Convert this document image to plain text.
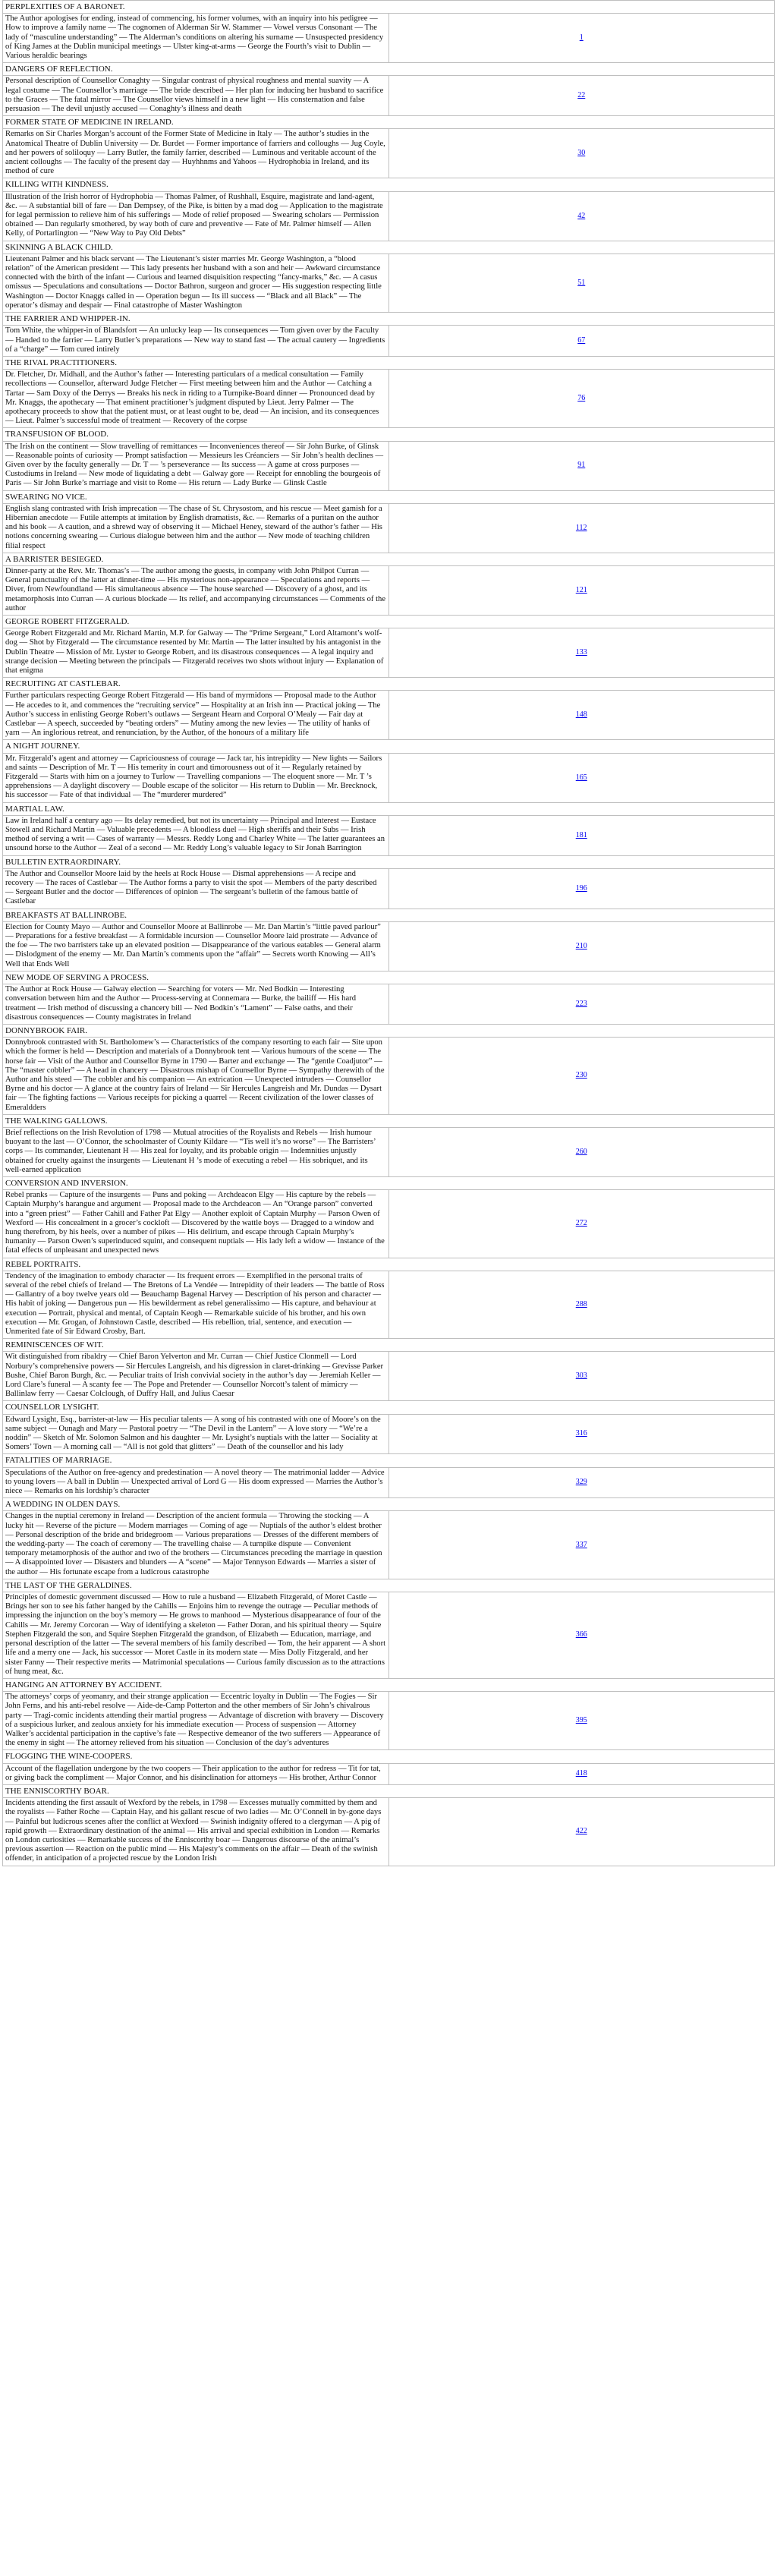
PERPLEXITIES OF A BARONET.	
The Author apologises for ending, instead of commencing, his former volumes, with an inquiry into his pedigree — How to improve a family name — The cognomen of Alderman Sir W. Stammer — Vowel versus Consonant — The lady of “masculine understanding” — The Alderman’s conditions on altering his surname — Unsuspected presidency of King James at the Dublin municipal meetings — Ulster king-at-arms — George the Fourth’s visit to Dublin — Various heraldic bearings	1
DANGERS OF REFLECTION.	
Personal description of Counsellor Conaghty — Singular contrast of physical roughness and mental suavity — A legal costume — The Counsellor’s marriage — The bride described — Her plan for inducing her husband to sacrifice to the Graces — The fatal mirror — The Counsellor views himself in a new light — His consternation and false persuasion — The devil unjustly accused — Conaghty’s illness and death	22
FORMER STATE OF MEDICINE IN IRELAND.	
Remarks on Sir Charles Morgan’s account of the Former State of Medicine in Italy — The author’s studies in the Anatomical Theatre of Dublin University — Dr. Burdet — Former importance of farriers and colloughs — Jug Coyle, and her powers of soliloquy — Larry Butler, the family farrier, described — Luminous and veritable account of the ancient colloughs — The faculty of the present day — Huyhhnms and Yahoos — Hydrophobia in Ireland, and its method of cure	30
KILLING WITH KINDNESS.	
Illustration of the Irish horror of Hydrophobia — Thomas Palmer, of Rushhall, Esquire, magistrate and land-agent, &c. — A substantial bill of fare — Dan Dempsey, of the Pike, is bitten by a mad dog — Application to the magistrate for legal permission to relieve him of his sufferings — Mode of relief proposed — Swearing scholars — Permission obtained — Dan regularly smothered, by way both of cure and preventive — Fate of Mr. Palmer himself — Allen Kelly, of Portarlington — “New Way to Pay Old Debts”	42
SKINNING A BLACK CHILD.	
Lieutenant Palmer and his black servant — The Lieutenant’s sister marries Mr. George Washington, a “blood relation” of the American president — This lady presents her husband with a son and heir — Awkward circumstance connected with the birth of the infant — Curious and learned disquisition respecting “fancy-marks,” &c. — A casus omissus — Speculations and consultations — Doctor Bathron, surgeon and grocer — His suggestion respecting little Washington — Doctor Knaggs called in — Operation begun — Its ill success — “Black and all Black” — The operator’s dismay and despair — Final catastrophe of Master Washington	51
THE FARRIER AND WHIPPER-IN.	
Tom White, the whipper-in of Blandsfort — An unlucky leap — Its consequences — Tom given over by the Faculty — Handed to the farrier — Larry Butler’s preparations — New way to stand fast — The actual cautery — Ingredients of a “charge” — Tom cured intirely	67
THE RIVAL PRACTITIONERS.	
Dr. Fletcher, Dr. Midhall, and the Author’s father — Interesting particulars of a medical consultation — Family recollections — Counsellor, afterward Judge Fletcher — First meeting between him and the Author — Catching a Tartar — Sam Doxy of the Derrys — Breaks his neck in riding to a Turnpike-Board dinner — Pronounced dead by Mr. Knaggs, the apothecary — That eminent practitioner’s judgment disputed by Lieut. Jerry Palmer — The apothecary proceeds to show that the patient must, or at least ought to be, dead — An incision, and its consequences — Lieut. Palmer’s successful mode of treatment — Recovery of the corpse	76
TRANSFUSION OF BLOOD.	
The Irish on the continent — Slow travelling of remittances — Inconveniences thereof — Sir John Burke, of Glinsk — Reasonable points of curiosity — Prompt satisfaction — Messieurs les Créanciers — Sir John’s health declines — Given over by the faculty generally — Dr. T — ’s perseverance — Its success — A game at cross purposes — Custodiums in Ireland — New mode of liquidating a debt — Galway gore — Receipt for ennobling the bourgeois of Paris — Sir John Burke’s marriage and visit to Rome — His return — Lady Burke — Glinsk Castle	91
SWEARING NO VICE.	
English slang contrasted with Irish imprecation — The chase of St. Chrysostom, and his rescue — Meet gamish for a Hibernian anecdote — Futile attempts at imitation by English dramatists, &c. — Remarks of a puritan on the author and his book — A caution, and a shrewd way of observing it — Michael Heney, steward of the author’s father — His notions concerning swearing — Curious dialogue between him and the author — New mode of teaching children filial respect	112
A BARRISTER BESIEGED.	
Dinner-party at the Rev. Mr. Thomas’s — The author among the guests, in company with John Philpot Curran — General punctuality of the latter at dinner-time — His mysterious non-appearance — Speculations and reports — Diver, from Newfoundland — His simultaneous absence — The house searched — Discovery of a ghost, and its metamorphosis into Curran — A curious blockade — Its relief, and accompanying circumstances — Comments of the author	121
GEORGE ROBERT FITZGERALD.	
George Robert Fitzgerald and Mr. Richard Martin, M.P. for Galway — The “Prime Sergeant,” Lord Altamont’s wolf-dog — Shot by Fitzgerald — The circumstance resented by Mr. Martin — The latter insulted by his antagonist in the Dublin Theatre — Mission of Mr. Lyster to George Robert, and its disastrous consequences — A legal inquiry and strange decision — Meeting between the principals — Fitzgerald receives two shots without injury — Explanation of that enigma	133
RECRUITING AT CASTLEBAR.	
Further particulars respecting George Robert Fitzgerald — His band of myrmidons — Proposal made to the Author — He accedes to it, and commences the “recruiting service” — Hospitality at an Irish inn — Practical joking — The Author’s success in enlisting George Robert’s outlaws — Sergeant Hearn and Corporal O’Mealy — Fair day at Castlebar — A speech, succeeded by “beating orders” — Mutiny among the new levies — The utility of hanks of yarn — An inglorious retreat, and renunciation, by the Author, of the honours of a military life	148
A NIGHT JOURNEY.	
Mr. Fitzgerald’s agent and attorney — Capriciousness of courage — Jack tar, his intrepidity — New lights — Sailors and saints — Description of Mr. T — His temerity in court and timorousness out of it — Regularly retained by Fitzgerald — Starts with him on a journey to Turlow — Travelling companions — The eloquent snore — Mr. T ’s apprehensions — A daylight discovery — Double escape of the solicitor — His return to Dublin — Mr. Brecknock, his successor — Fate of that individual — The “murderer murdered”	165
MARTIAL LAW.	
Law in Ireland half a century ago — Its delay remedied, but not its uncertainty — Principal and Interest — Eustace Stowell and Richard Martin — Valuable precedents — A bloodless duel — High sheriffs and their Subs — Irish method of serving a writ — Cases of warranty — Messrs. Reddy Long and Charley White — The latter guarantees an unsound horse to the Author — Zeal of a second — Mr. Reddy Long’s valuable legacy to Sir Jonah Barrington	181
BULLETIN EXTRAORDINARY.	
The Author and Counsellor Moore laid by the heels at Rock House — Dismal apprehensions — A recipe and recovery — The races of Castlebar — The Author forms a party to visit the spot — Members of the party described — Sergeant Butler and the doctor — Differences of opinion — The sergeant’s bulletin of the famous battle of Castlebar	196
BREAKFASTS AT BALLINROBE.	
Election for County Mayo — Author and Counsellor Moore at Ballinrobe — Mr. Dan Martin’s “little paved parlour” — Preparations for a festive breakfast — A formidable incursion — Counsellor Moore laid prostrate — Advance of the foe — The two barristers take up an elevated position — Disappearance of the various eatables — General alarm — Dislodgment of the enemy — Mr. Dan Martin’s comments upon the “affair” — Secrets worth Knowing — All’s Well that Ends Well	210
NEW MODE OF SERVING A PROCESS.	
The Author at Rock House — Galway election — Searching for voters — Mr. Ned Bodkin — Interesting conversation between him and the Author — Process-serving at Connemara — Burke, the bailiff — His hard treatment — Irish method of discussing a chancery bill — Ned Bodkin’s “Lament” — False oaths, and their disastrous consequences — County magistrates in Ireland	223
DONNYBROOK FAIR.	
Donnybrook contrasted with St. Bartholomew’s — Characteristics of the company resorting to each fair — Site upon which the former is held — Description and materials of a Donnybrook tent — Various humours of the scene — The horse fair — Visit of the Author and Counsellor Byrne in 1790 — Barter and exchange — The “gentle Coadjutor” — The “master cobbler” — A head in chancery — Disastrous mishap of Counsellor Byrne — Sympathy therewith of the Author and his steed — The cobbler and his companion — An extrication — Unexpected intruders — Counsellor Byrne and his doctor — A glance at the country fairs of Ireland — Sir Hercules Langreish and Mr. Dundas — Dysart fair — The fighting factions — Various receipts for picking a quarrel — Recent civilization of the lower classes of Emeraldders	230
THE WALKING GALLOWS.	
Brief reflections on the Irish Revolution of 1798 — Mutual atrocities of the Royalists and Rebels — Irish humour buoyant to the last — O’Connor, the schoolmaster of County Kildare — “Tis well it’s no worse” — The Barristers’ corps — Its commander, Lieutenant H — His zeal for loyalty, and its probable origin — Indemnities unjustly obtained for cruelty against the insurgents — Lieutenant H ’s mode of executing a rebel — His sobriquet, and its well-earned application	260
CONVERSION AND INVERSION.	
Rebel pranks — Capture of the insurgents — Puns and poking — Archdeacon Elgy — His capture by the rebels — Captain Murphy’s harangue and argument — Proposal made to the Archdeacon — An “Orange parson” converted into a “green priest” — Father Cahill and Father Pat Elgy — Another exploit of Captain Murphy — Parson Owen of Wexford — His concealment in a grocer’s cockloft — Discovered by the wattle boys — Dragged to a window and hung therefrom, by his heels, over a number of pikes — His delirium, and escape through Captain Murphy’s humanity — Parson Owen’s superinduced squint, and consequent nuptials — His lady left a widow — Instance of the fatal effects of unpleasant and unexpected news	272
REBEL PORTRAITS.	
Tendency of the imagination to embody character — Its frequent errors — Exemplified in the personal traits of several of the rebel chiefs of Ireland — The Bretons of La Vendée — Intrepidity of their leaders — The battle of Ross — Gallantry of a boy twelve years old — Beauchamp Bagenal Harvey — Description of his person and character — His habit of joking — Dangerous pun — His bewilderment as rebel generalissimo — His capture, and behaviour at execution — Portrait, physical and mental, of Captain Keogh — Remarkable suicide of his brother, and his own execution — Mr. Grogan, of Johnstown Castle, described — His rebellion, trial, sentence, and execution — Unmerited fate of Sir Edward Crosby, Bart.	288
REMINISCENCES OF WIT.	
Wit distinguished from ribaldry — Chief Baron Yelverton and Mr. Curran — Chief Justice Clonmell — Lord Norbury’s comprehensive powers — Sir Hercules Langreish, and his digression in claret-drinking — Grevisse Parker Bushe, Chief Baron Burgh, &c. — Peculiar traits of Irish convivial society in the author’s day — Jeremiah Keller — Lord Clare’s funeral — A scanty fee — The Pope and Pretender — Counsellor Norcott’s talent of mimicry — Ballinlaw ferry — Caesar Colclough, of Duffry Hall, and Julius Caesar	303
COUNSELLOR LYSIGHT.	
Edward Lysight, Esq., barrister-at-law — His peculiar talents — A song of his contrasted with one of Moore’s on the same subject — Ounagh and Mary — Pastoral poetry — “The Devil in the Lantern” — A love story — “We’re a noddin” — Sketch of Mr. Solomon Salmon and his daughter — Mr. Lysight’s nuptials with the latter — Sociality at Somers’ Town — A morning call — “All is not gold that glitters” — Death of the counsellor and his lady	316
FATALITIES OF MARRIAGE.	
Speculations of the Author on free-agency and predestination — A novel theory — The matrimonial ladder — Advice to young lovers — A ball in Dublin — Unexpected arrival of Lord G — His doom expressed — Marries the Author’s niece — Remarks on his lordship’s character	329
A WEDDING IN OLDEN DAYS.	
Changes in the nuptial ceremony in Ireland — Description of the ancient formula — Throwing the stocking — A lucky hit — Reverse of the picture — Modern marriages — Coming of age — Nuptials of the author’s eldest brother — Personal description of the bride and bridegroom — Various preparations — Dresses of the different members of the wedding-party — The coach of ceremony — The travelling chaise — A turnpike dispute — Convenient temporary metamorphosis of the author and two of the brothers — Circumstances preceding the marriage in question — A disappointed lover — Disasters and blunders — A “scene” — Major Tennyson Edwards — Marries a sister of the author — His fortunate escape from a ludicrous catastrophe	337
THE LAST OF THE GERALDINES.	
Principles of domestic government discussed — How to rule a husband — Elizabeth Fitzgerald, of Moret Castle — Brings her son to see his father hanged by the Cahills — Enjoins him to revenge the outrage — Peculiar methods of impressing the injunction on the boy’s memory — He grows to manhood — Mysterious disappearance of four of the Cahills — Mr. Jeremy Corcoran — Way of identifying a skeleton — Father Doran, and his spiritual theory — Squire Stephen Fitzgerald the son, and Squire Stephen Fitzgerald the grandson, of Elizabeth — Education, marriage, and personal description of the latter — The several members of his family described — Tom, the heir apparent — A short life and a merry one — Jack, his successor — Moret Castle in its modern state — Miss Dolly Fitzgerald, and her sister Fanny — Their respective merits — Matrimonial speculations — Curious family discussion as to the attractions of hung meat, &c.	366
HANGING AN ATTORNEY BY ACCIDENT.	
The attorneys’ corps of yeomanry, and their strange application — Eccentric loyalty in Dublin — The Fogies — Sir John Ferns, and his anti-rebel resolve — Aide-de-Camp Potterton and the other members of Sir John’s chivalrous party — Tragi-comic incidents attending their martial progress — Advantage of discretion with bravery — Discovery of a suspicious lurker, and zealous anxiety for his immediate execution — Process of suspension — Attorney Walker’s accidental participation in the captive’s fate — Respective demeanor of the two sufferers — Appearance of the enemy in sight — The attorney relieved from his situation — Conclusion of the day’s adventures	395
FLOGGING THE WINE-COOPERS.	
Account of the flagellation undergone by the two coopers — Their application to the author for redress — Tit for tat, or giving back the compliment — Major Connor, and his disinclination for attorneys — His brother, Arthur Connor	418
THE ENNISCORTHY BOAR.	
Incidents attending the first assault of Wexford by the rebels, in 1798 — Excesses mutually committed by them and the royalists — Father Roche — Captain Hay, and his gallant rescue of two ladies — Mr. O’Connell in by-gone days — Painful but ludicrous scenes after the conflict at Wexford — Swinish indignity offered to a clergyman — A pig of rapid growth — Extraordinary destination of the animal — His arrival and special exhibition in London — Remarks on London curiosities — Remarkable success of the Enniscorthy boar — Dangerous discourse of the animal’s previous assertion — Reaction on the public mind — His Majesty’s comments on the affair — Death of the swinish offender, in anticipation of a projected rescue by the London Irish	422
